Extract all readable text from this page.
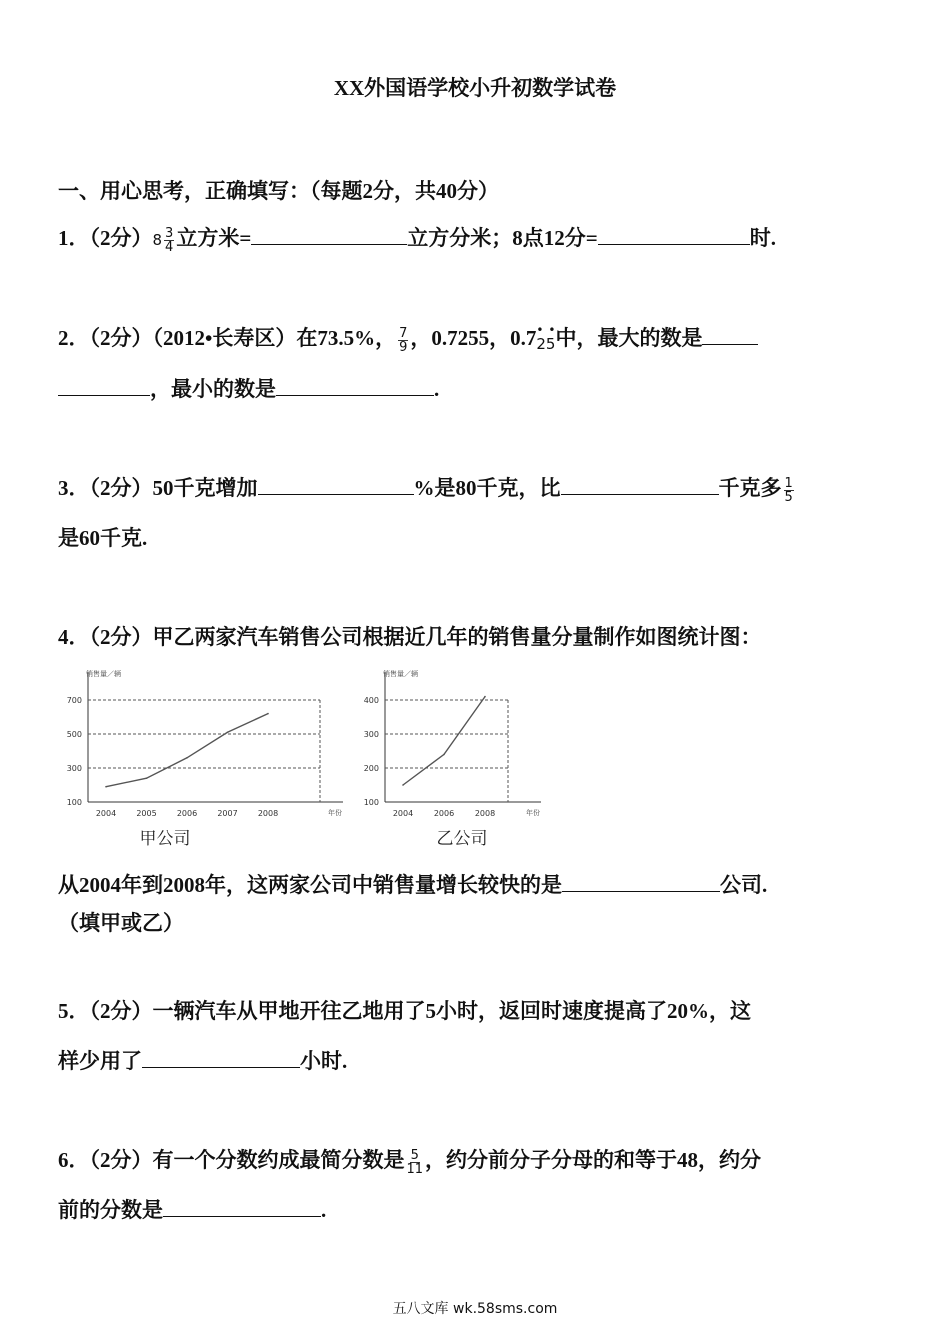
XX外国语学校小升初数学试卷
一、用心思考，正确填写：（每题2分，共40分）
1．（2分）$8 \frac{3}{4}$ 立方米=	立方分米；8点12分=	时.
2．（2分）（2012•长寿区）在73.5%， $\frac{7}{9}$ ，0.7255，0.7 • •
25中，最大的数是
，最小的数是	.
3．（2分）50千克增加	%是80千克，比	千克多 $\frac{1}{5}$
是60千克.
4．（2分）甲乙两家汽车销售公司根据近几年的销售量分量制作如图统计图：
销售量／辆
100
300
500
700
2004	2005	2006	2007	2008	年份
甲公司
销售量／辆
100
200
300
400
2004	2006	2008	年份
乙公司
从2004年到2008年，这两家公司中销售量增长较快的是	公司.
（填甲或乙）
5．（2分）一辆汽车从甲地开往乙地用了5小时，返回时速度提高了20%，这
样少用了	小时.
6．（2分）有一个分数约成最简分数是 $\frac{5}{11}$ ，约分前分子分母的和等于48，约分
前的分数是	.
五八文库 wk.58sms.com
